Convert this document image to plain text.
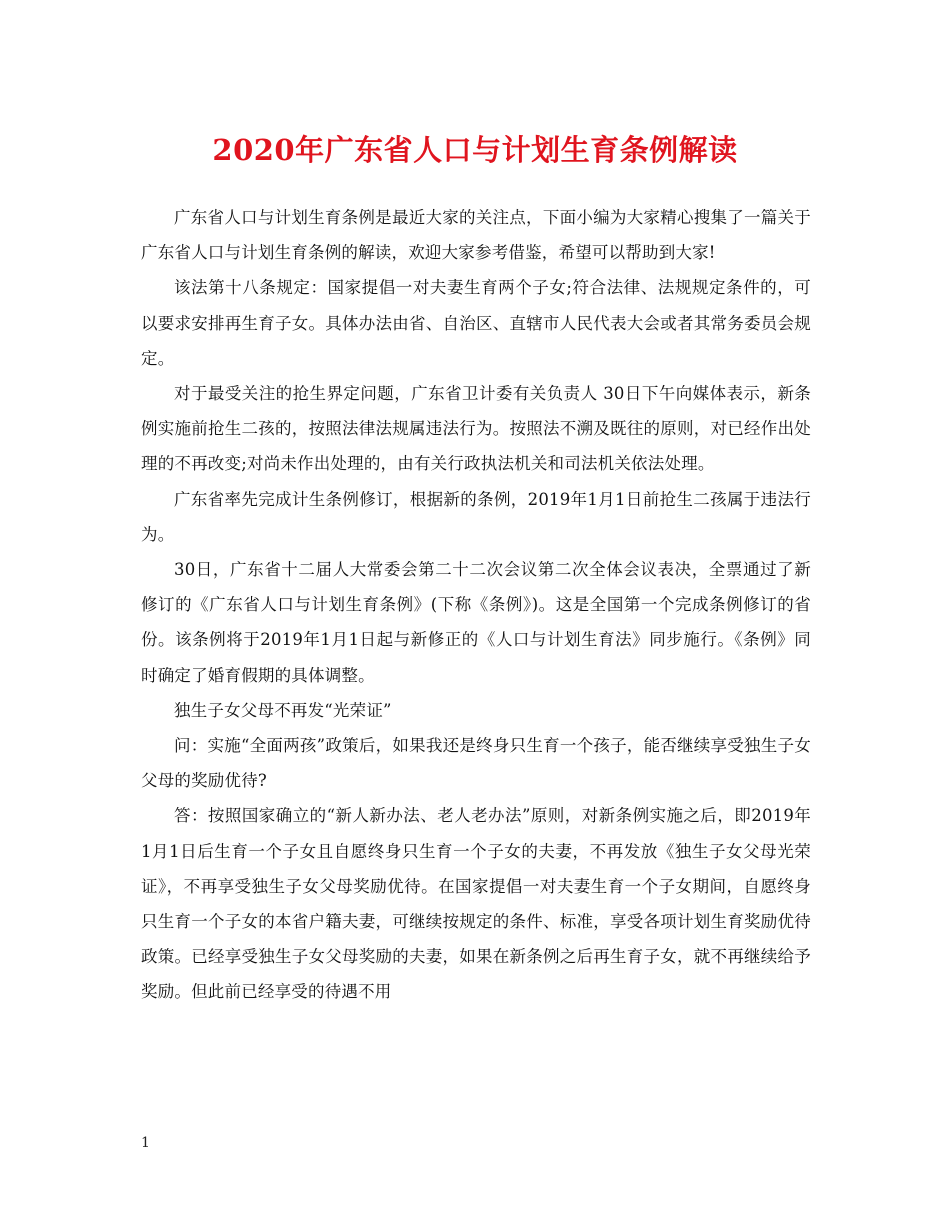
2020年广东省人口与计划生育条例解读

广东省人口与计划生育条例是最近大家的关注点，下面小编为大家精心搜集了一篇关于广东省人口与计划生育条例的解读，欢迎大家参考借鉴，希望可以帮助到大家!

该法第十八条规定：国家提倡一对夫妻生育两个子女;符合法律、法规规定条件的，可以要求安排再生育子女。具体办法由省、自治区、直辖市人民代表大会或者其常务委员会规定。

对于最受关注的抢生界定问题，广东省卫计委有关负责人 30日下午向媒体表示，新条例实施前抢生二孩的，按照法律法规属违法行为。按照法不溯及既往的原则，对已经作出处理的不再改变;对尚未作出处理的，由有关行政执法机关和司法机关依法处理。

广东省率先完成计生条例修订，根据新的条例，2019年1月1日前抢生二孩属于违法行为。

30日，广东省十二届人大常委会第二十二次会议第二次全体会议表决，全票通过了新修订的《广东省人口与计划生育条例》(下称《条例》)。这是全国第一个完成条例修订的省份。该条例将于2019年1月1日起与新修正的《人口与计划生育法》同步施行。《条例》同时确定了婚育假期的具体调整。

独生子女父母不再发“光荣证”

问：实施“全面两孩”政策后，如果我还是终身只生育一个孩子，能否继续享受独生子女父母的奖励优待?

答：按照国家确立的“新人新办法、老人老办法”原则，对新条例实施之后，即2019年1月1日后生育一个子女且自愿终身只生育一个子女的夫妻，不再发放《独生子女父母光荣证》，不再享受独生子女父母奖励优待。在国家提倡一对夫妻生育一个子女期间，自愿终身只生育一个子女的本省户籍夫妻，可继续按规定的条件、标准，享受各项计划生育奖励优待政策。已经享受独生子女父母奖励的夫妻，如果在新条例之后再生育子女，就不再继续给予奖励。但此前已经享受的待遇不用

1
